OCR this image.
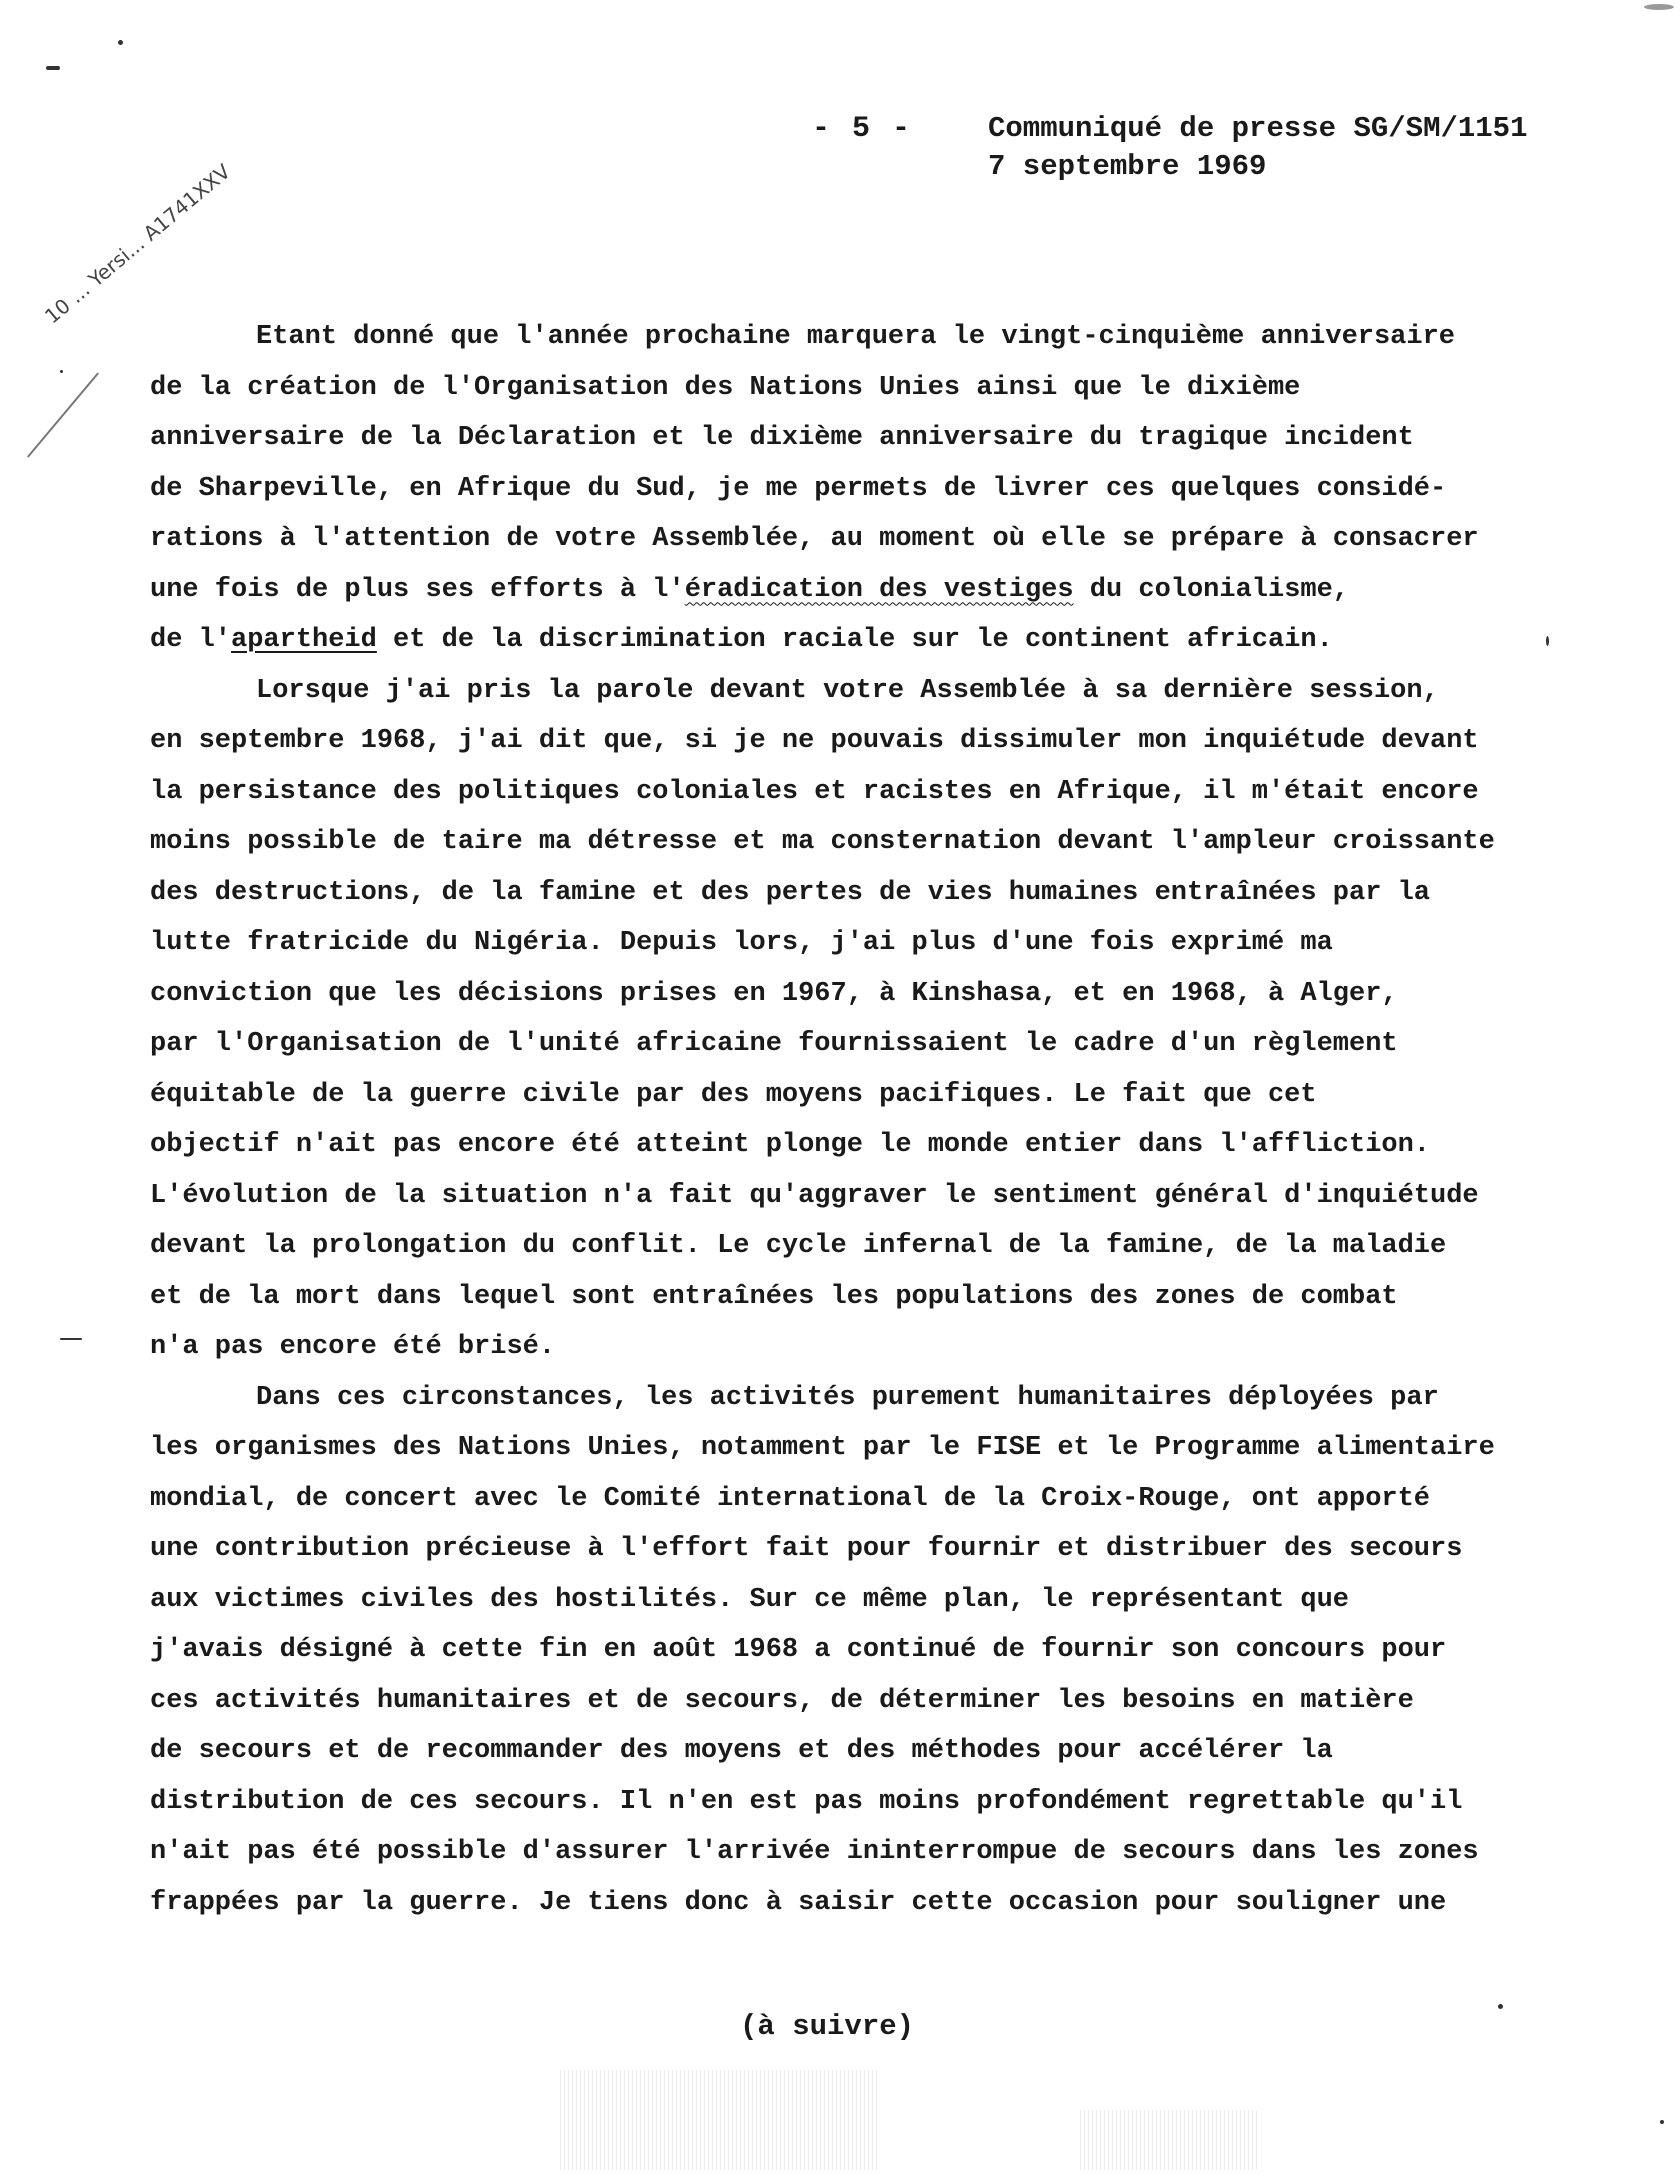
- 5 -	Communiqué de presse SG/SM/1151
7 septembre 1969
10 ... Yersi... A1741XXV
Etant donné que l'année prochaine marquera le vingt-cinquième anniversaire
de la création de l'Organisation des Nations Unies ainsi que le dixième
anniversaire de la Déclaration et le dixième anniversaire du tragique incident
de Sharpeville, en Afrique du Sud, je me permets de livrer ces quelques considé-
rations à l'attention de votre Assemblée, au moment où elle se prépare à consacrer
une fois de plus ses efforts à l'éradication des vestiges du colonialisme,
de l'apartheid et de la discrimination raciale sur le continent africain.
Lorsque j'ai pris la parole devant votre Assemblée à sa dernière session,
en septembre 1968, j'ai dit que, si je ne pouvais dissimuler mon inquiétude devant
la persistance des politiques coloniales et racistes en Afrique, il m'était encore
moins possible de taire ma détresse et ma consternation devant l'ampleur croissante
des destructions, de la famine et des pertes de vies humaines entraînées par la
lutte fratricide du Nigéria. Depuis lors, j'ai plus d'une fois exprimé ma
conviction que les décisions prises en 1967, à Kinshasa, et en 1968, à Alger,
par l'Organisation de l'unité africaine fournissaient le cadre d'un règlement
équitable de la guerre civile par des moyens pacifiques. Le fait que cet
objectif n'ait pas encore été atteint plonge le monde entier dans l'affliction.
L'évolution de la situation n'a fait qu'aggraver le sentiment général d'inquiétude
devant la prolongation du conflit. Le cycle infernal de la famine, de la maladie
et de la mort dans lequel sont entraînées les populations des zones de combat
n'a pas encore été brisé.
Dans ces circonstances, les activités purement humanitaires déployées par
les organismes des Nations Unies, notamment par le FISE et le Programme alimentaire
mondial, de concert avec le Comité international de la Croix-Rouge, ont apporté
une contribution précieuse à l'effort fait pour fournir et distribuer des secours
aux victimes civiles des hostilités. Sur ce même plan, le représentant que
j'avais désigné à cette fin en août 1968 a continué de fournir son concours pour
ces activités humanitaires et de secours, de déterminer les besoins en matière
de secours et de recommander des moyens et des méthodes pour accélérer la
distribution de ces secours. Il n'en est pas moins profondément regrettable qu'il
n'ait pas été possible d'assurer l'arrivée ininterrompue de secours dans les zones
frappées par la guerre. Je tiens donc à saisir cette occasion pour souligner une
(à suivre)
